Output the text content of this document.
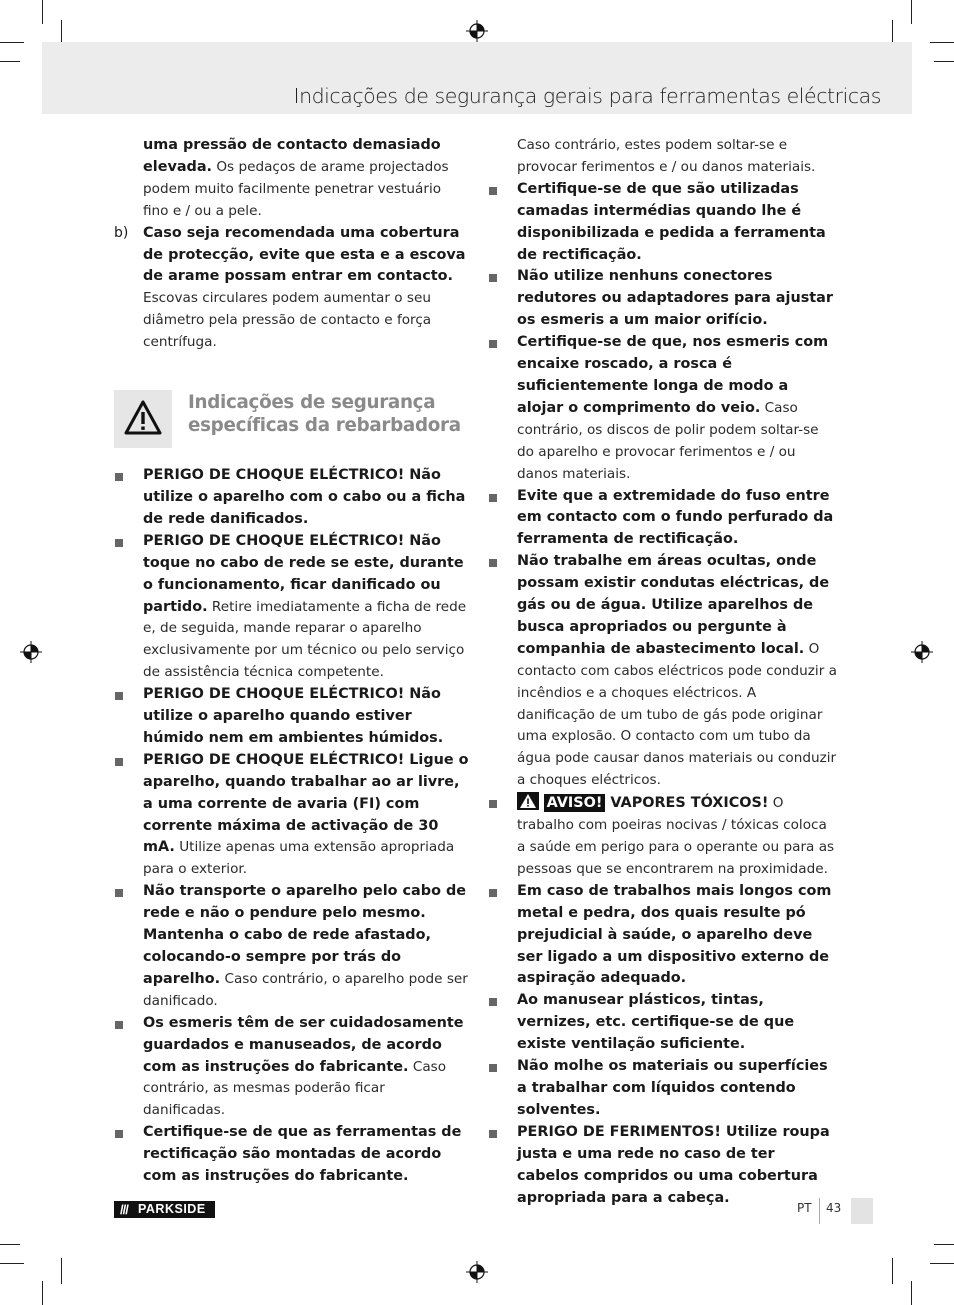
Indicações de segurança gerais para ferramentas eléctricas

uma pressão de contacto demasiado elevada. Os pedaços de arame projectados podem muito facilmente penetrar vestuário fino e / ou a pele.

b) Caso seja recomendada uma cobertura de protecção, evite que esta e a escova de arame possam entrar em contacto. Escovas circulares podem aumentar o seu diâmetro pela pressão de contacto e força centrífuga.

Indicações de segurança
específicas da rebarbadora

PERIGO DE CHOQUE ELÉCTRICO! Não utilize o aparelho com o cabo ou a ficha de rede danificados.

PERIGO DE CHOQUE ELÉCTRICO! Não toque no cabo de rede se este, durante o funcionamento, ficar danificado ou partido. Retire imediatamente a ficha de rede e, de seguida, mande reparar o aparelho exclusivamente por um técnico ou pelo serviço de assistência técnica competente.

PERIGO DE CHOQUE ELÉCTRICO! Não utilize o aparelho quando estiver húmido nem em ambientes húmidos.

PERIGO DE CHOQUE ELÉCTRICO! Ligue o aparelho, quando trabalhar ao ar livre, a uma corrente de avaria (FI) com corrente máxima de activação de 30 mA. Utilize apenas uma extensão apropriada para o exterior.

Não transporte o aparelho pelo cabo de rede e não o pendure pelo mesmo. Mantenha o cabo de rede afastado, colocando-o sempre por trás do aparelho. Caso contrário, o aparelho pode ser danificado.

Os esmeris têm de ser cuidadosamente guardados e manuseados, de acordo com as instruções do fabricante. Caso contrário, as mesmas poderão ficar danificadas.

Certifique-se de que as ferramentas de rectificação são montadas de acordo com as instruções do fabricante.

Caso contrário, estes podem soltar-se e provocar ferimentos e / ou danos materiais.

Certifique-se de que são utilizadas camadas intermédias quando lhe é disponibilizada e pedida a ferramenta de rectificação.

Não utilize nenhuns conectores redutores ou adaptadores para ajustar os esmeris a um maior orifício.

Certifique-se de que, nos esmeris com encaixe roscado, a rosca é suficientemente longa de modo a alojar o comprimento do veio. Caso contrário, os discos de polir podem soltar-se do aparelho e provocar ferimentos e / ou danos materiais.

Evite que a extremidade do fuso entre em contacto com o fundo perfurado da ferramenta de rectificação.

Não trabalhe em áreas ocultas, onde possam existir condutas eléctricas, de gás ou de água. Utilize aparelhos de busca apropriados ou pergunte à companhia de abastecimento local. O contacto com cabos eléctricos pode conduzir a incêndios e a choques eléctricos. A danificação de um tubo de gás pode originar uma explosão. O contacto com um tubo da água pode causar danos materiais ou conduzir a choques eléctricos.

AVISO! VAPORES TÓXICOS! O trabalho com poeiras nocivas / tóxicas coloca a saúde em perigo para o operante ou para as pessoas que se encontrarem na proximidade.

Em caso de trabalhos mais longos com metal e pedra, dos quais resulte pó prejudicial à saúde, o aparelho deve ser ligado a um dispositivo externo de aspiração adequado.

Ao manusear plásticos, tintas, vernizes, etc. certifique-se de que existe ventilação suficiente.

Não molhe os materiais ou superfícies a trabalhar com líquidos contendo solventes.

PERIGO DE FERIMENTOS! Utilize roupa justa e uma rede no caso de ter cabelos compridos ou uma cobertura apropriada para a cabeça.

/// PARKSIDE	PT 43
